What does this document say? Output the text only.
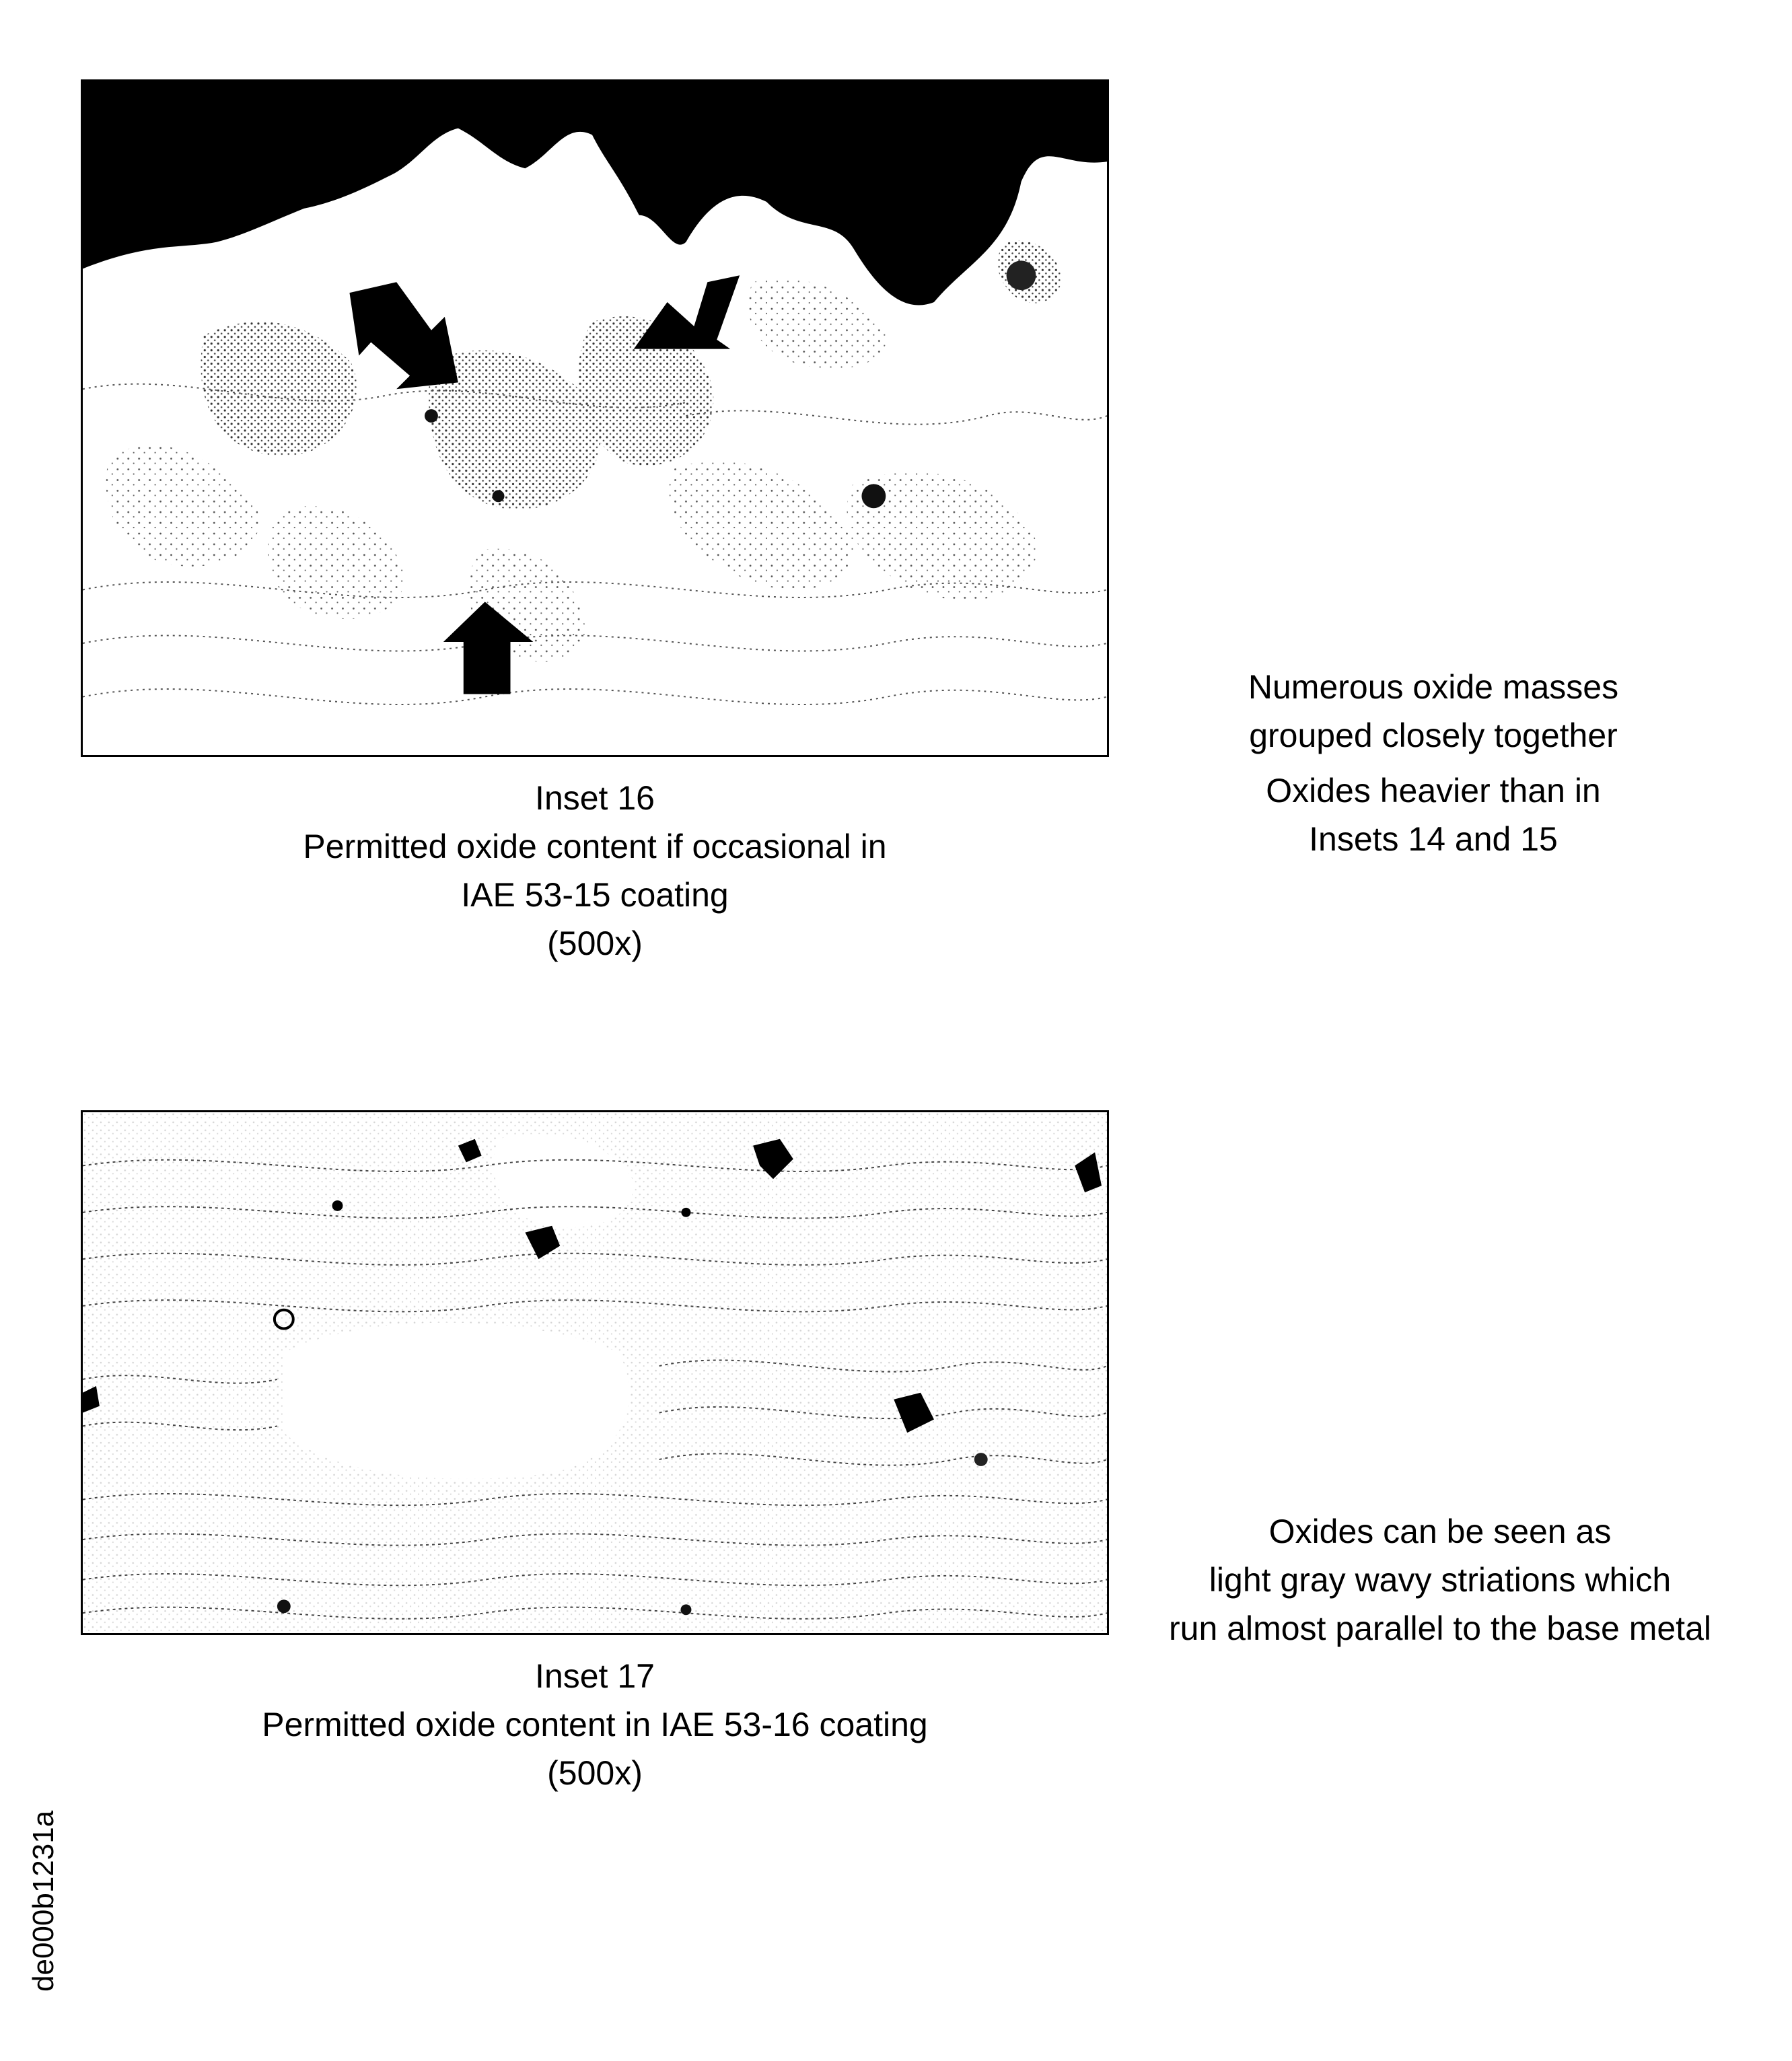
Inset 16
Permitted oxide content if occasional in
IAE 53-15 coating
(500x)
Numerous oxide masses
grouped closely together
Oxides heavier than in
Insets 14 and 15
Inset 17
Permitted oxide content in IAE 53-16 coating
(500x)
Oxides can be seen as
light gray wavy striations which
run almost parallel to the base metal
de000b1231a
